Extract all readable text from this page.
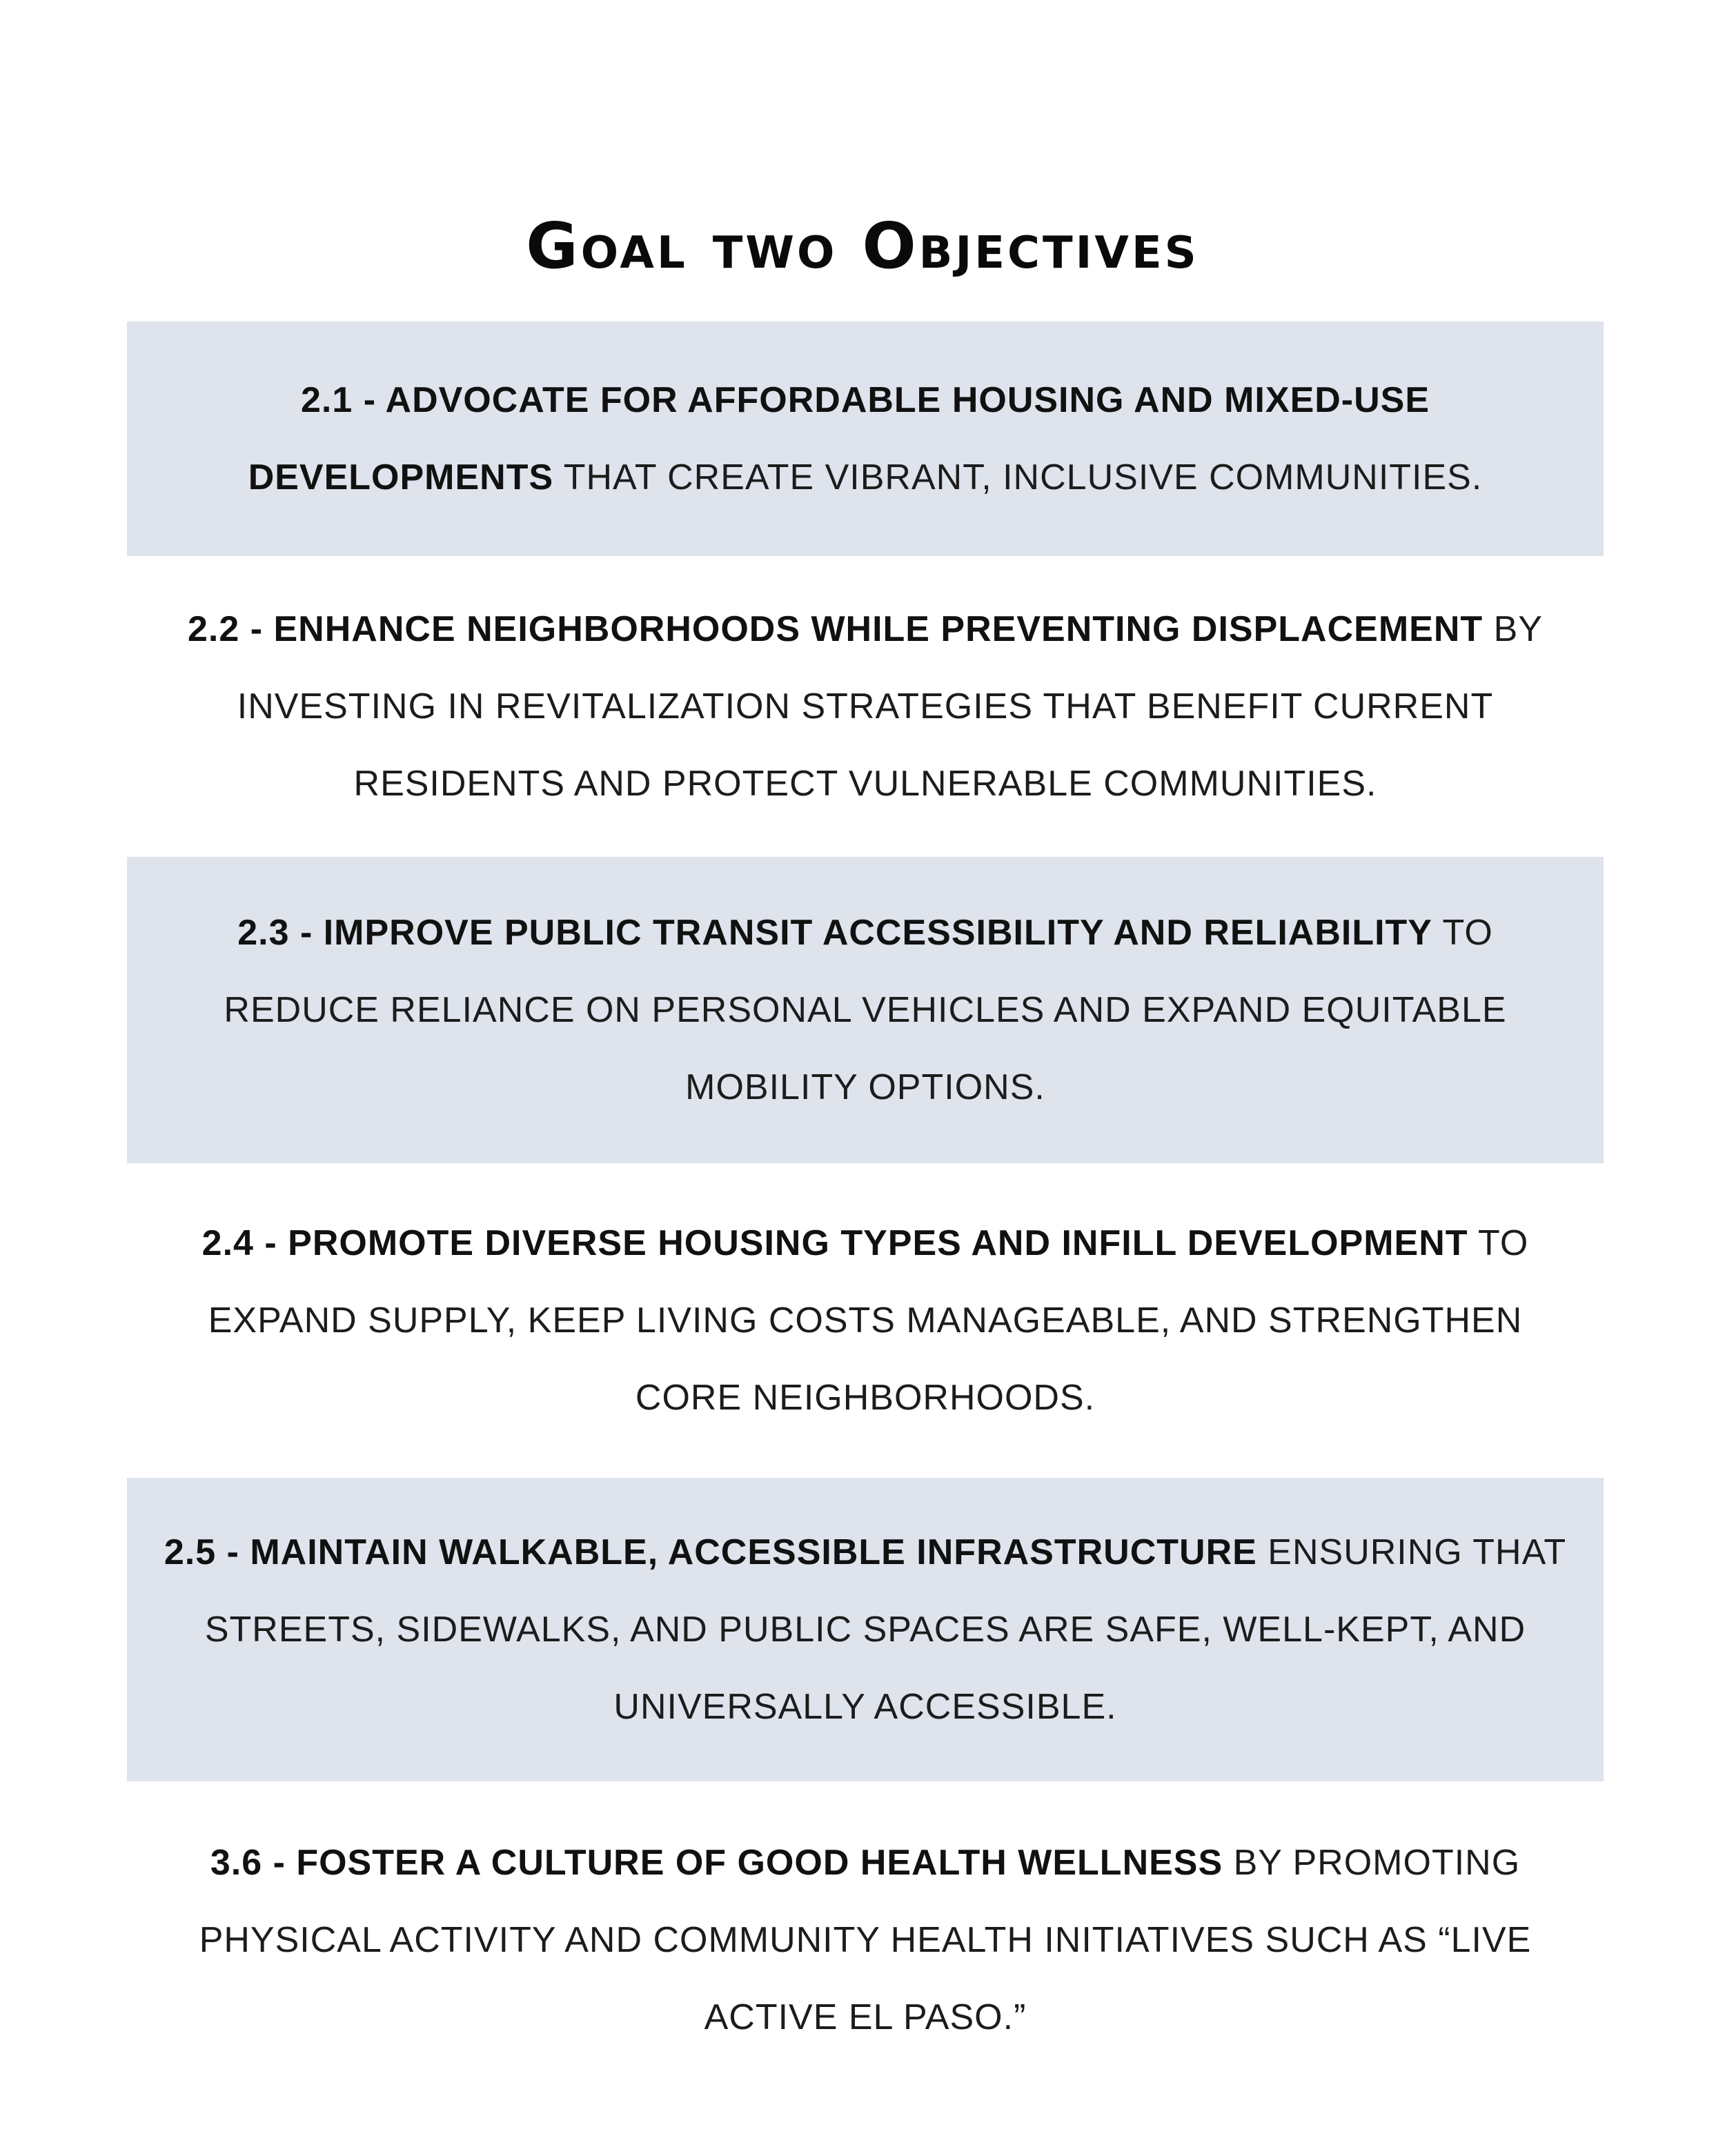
Goal two Objectives

2.1 - ADVOCATE FOR AFFORDABLE HOUSING AND MIXED-USE DEVELOPMENTS THAT CREATE VIBRANT, INCLUSIVE COMMUNITIES.

2.2 - ENHANCE NEIGHBORHOODS WHILE PREVENTING DISPLACEMENT BY INVESTING IN REVITALIZATION STRATEGIES THAT BENEFIT CURRENT RESIDENTS AND PROTECT VULNERABLE COMMUNITIES.

2.3 - IMPROVE PUBLIC TRANSIT ACCESSIBILITY AND RELIABILITY TO REDUCE RELIANCE ON PERSONAL VEHICLES AND EXPAND EQUITABLE MOBILITY OPTIONS.

2.4 - PROMOTE DIVERSE HOUSING TYPES AND INFILL DEVELOPMENT TO EXPAND SUPPLY, KEEP LIVING COSTS MANAGEABLE, AND STRENGTHEN CORE NEIGHBORHOODS.

2.5 - MAINTAIN WALKABLE, ACCESSIBLE INFRASTRUCTURE ENSURING THAT STREETS, SIDEWALKS, AND PUBLIC SPACES ARE SAFE, WELL-KEPT, AND UNIVERSALLY ACCESSIBLE.

3.6 - FOSTER A CULTURE OF GOOD HEALTH WELLNESS BY PROMOTING PHYSICAL ACTIVITY AND COMMUNITY HEALTH INITIATIVES SUCH AS “LIVE ACTIVE EL PASO.”
